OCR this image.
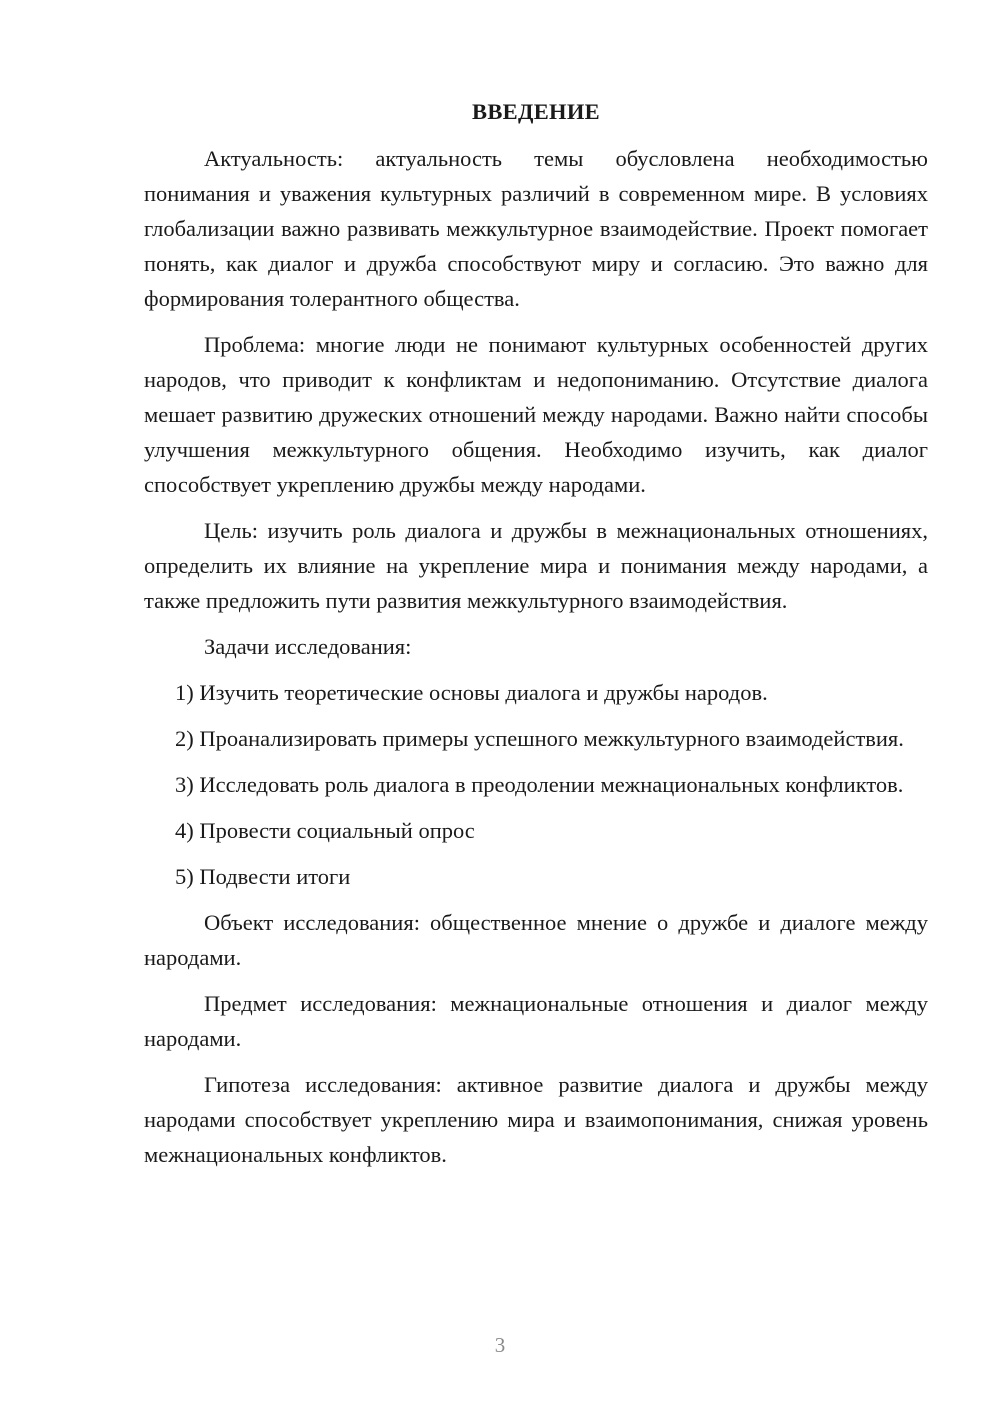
ВВЕДЕНИЕ

Актуальность: актуальность темы обусловлена необходимостью понимания и уважения культурных различий в современном мире. В условиях глобализации важно развивать межкультурное взаимодействие. Проект помогает понять, как диалог и дружба способствуют миру и согласию. Это важно для формирования толерантного общества.

Проблема: многие люди не понимают культурных особенностей других народов, что приводит к конфликтам и недопониманию. Отсутствие диалога мешает развитию дружеских отношений между народами. Важно найти способы улучшения межкультурного общения. Необходимо изучить, как диалог способствует укреплению дружбы между народами.

Цель: изучить роль диалога и дружбы в межнациональных отношениях, определить их влияние на укрепление мира и понимания между народами, а также предложить пути развития межкультурного взаимодействия.

Задачи исследования:

1) Изучить теоретические основы диалога и дружбы народов.

2) Проанализировать примеры успешного межкультурного взаимодействия.

3) Исследовать роль диалога в преодолении межнациональных конфликтов.

4) Провести социальный опрос

5) Подвести итоги

Объект исследования: общественное мнение о дружбе и диалоге между народами.

Предмет исследования: межнациональные отношения и диалог между народами.

Гипотеза исследования: активное развитие диалога и дружбы между народами способствует укреплению мира и взаимопонимания, снижая уровень межнациональных конфликтов.

3
